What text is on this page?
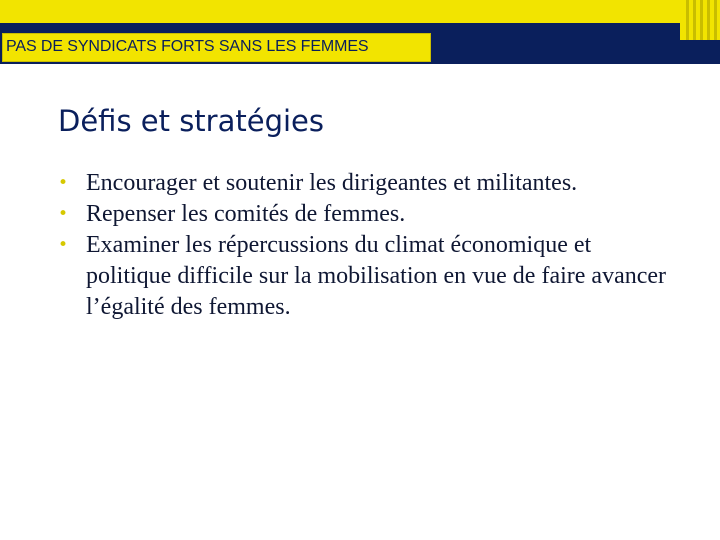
PAS DE SYNDICATS FORTS SANS LES FEMMES
Défis et stratégies
• Encourager et soutenir les dirigeantes et militantes.
• Repenser les comités de femmes.
• Examiner les répercussions du climat économique et politique difficile sur la mobilisation en vue de faire avancer l’égalité des femmes.
